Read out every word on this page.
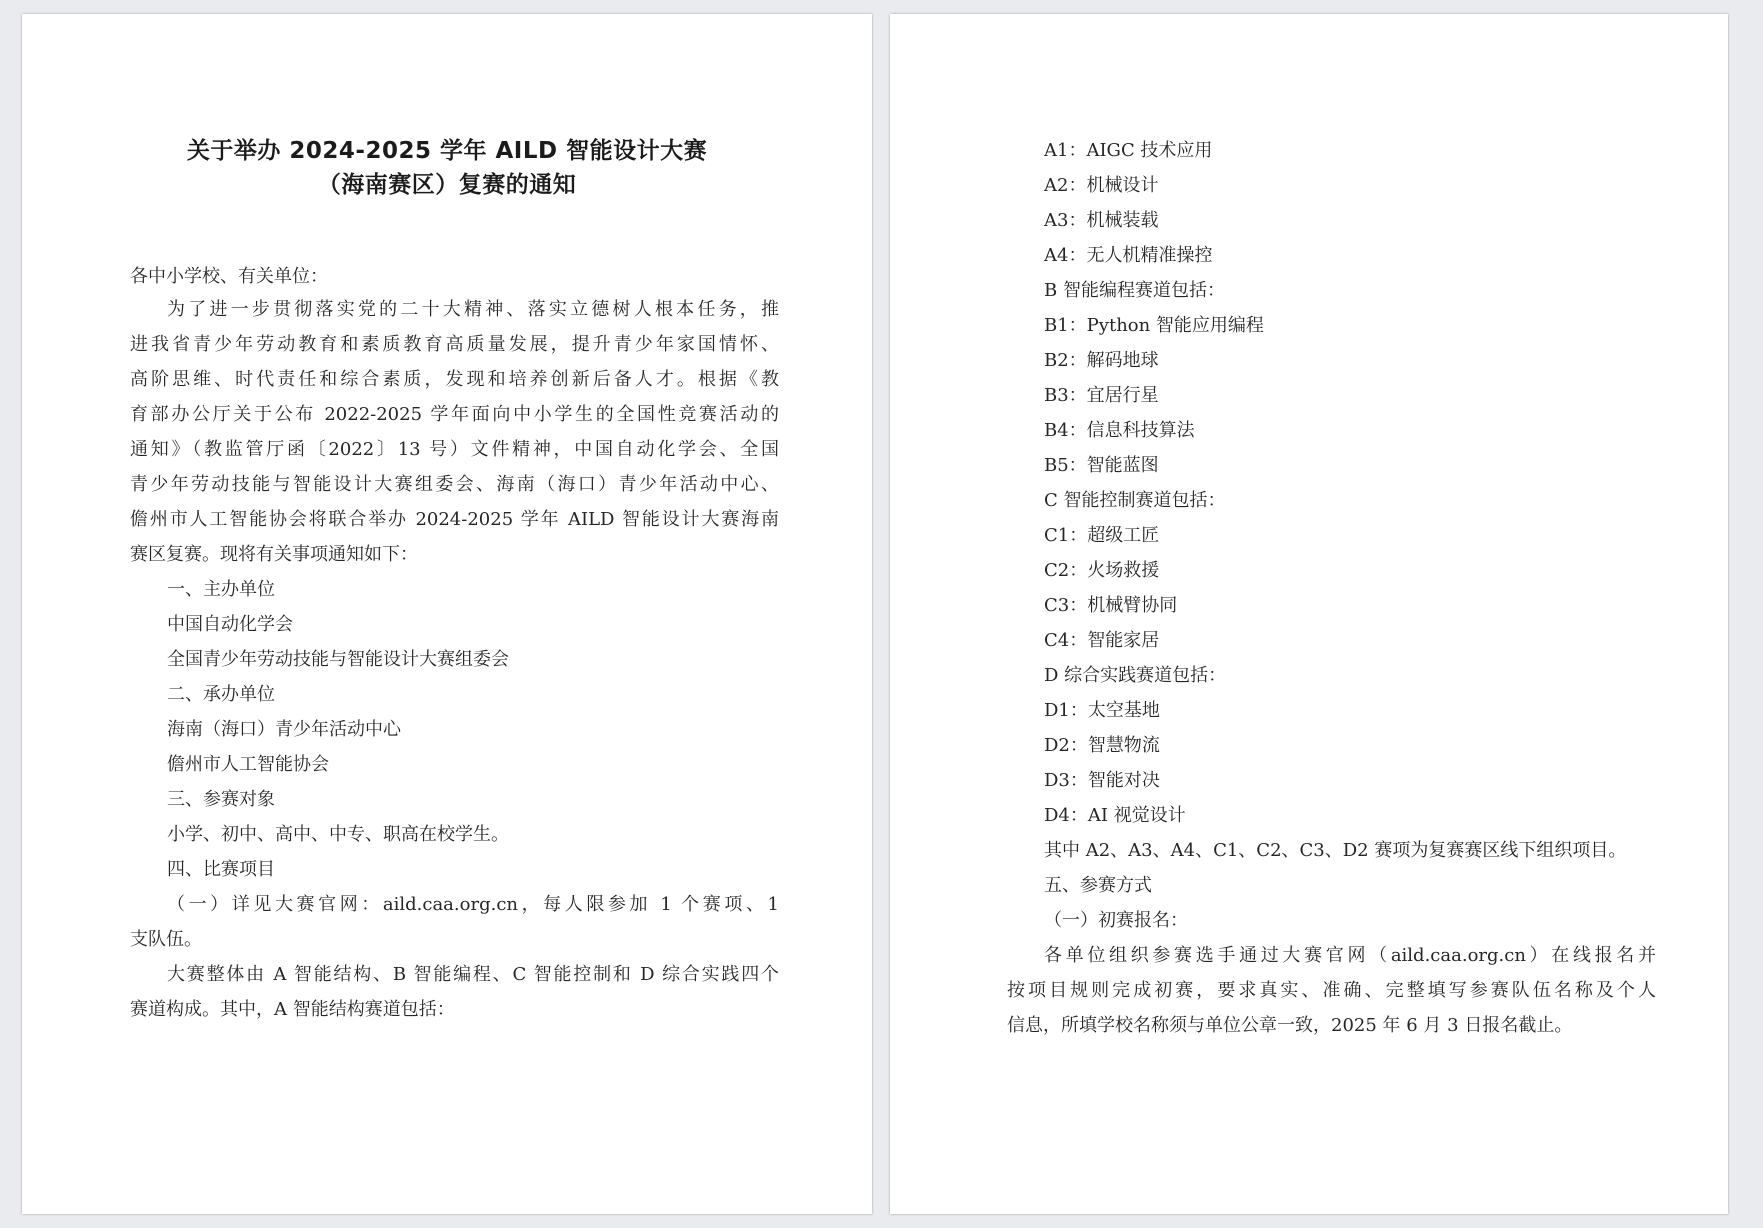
关于举办 2024-2025 学年 AILD 智能设计大赛
（海南赛区）复赛的通知
各中小学校、有关单位：
为了进一步贯彻落实党的二十大精神、落实立德树人根本任务，推
进我省青少年劳动教育和素质教育高质量发展，提升青少年家国情怀、
高阶思维、时代责任和综合素质，发现和培养创新后备人才。根据《教
育部办公厅关于公布 2022-2025 学年面向中小学生的全国性竞赛活动的
通知》（教监管厅函〔2022〕13 号）文件精神，中国自动化学会、全国
青少年劳动技能与智能设计大赛组委会、海南（海口）青少年活动中心、
儋州市人工智能协会将联合举办 2024-2025 学年 AILD 智能设计大赛海南
赛区复赛。现将有关事项通知如下：
一、主办单位
中国自动化学会
全国青少年劳动技能与智能设计大赛组委会
二、承办单位
海南（海口）青少年活动中心
儋州市人工智能协会
三、参赛对象
小学、初中、高中、中专、职高在校学生。
四、比赛项目
（一）详见大赛官网：aild.caa.org.cn，每人限参加 1 个赛项、1
支队伍。
大赛整体由 A 智能结构、B 智能编程、C 智能控制和 D 综合实践四个
赛道构成。其中，A 智能结构赛道包括：
A1：AIGC 技术应用
A2：机械设计
A3：机械装载
A4：无人机精准操控
B 智能编程赛道包括：
B1：Python 智能应用编程
B2：解码地球
B3：宜居行星
B4：信息科技算法
B5：智能蓝图
C 智能控制赛道包括：
C1：超级工匠
C2：火场救援
C3：机械臂协同
C4：智能家居
D 综合实践赛道包括：
D1：太空基地
D2：智慧物流
D3：智能对决
D4：AI 视觉设计
其中 A2、A3、A4、C1、C2、C3、D2 赛项为复赛赛区线下组织项目。
五、参赛方式
（一）初赛报名：
各单位组织参赛选手通过大赛官网（aild.caa.org.cn）在线报名并
按项目规则完成初赛，要求真实、准确、完整填写参赛队伍名称及个人
信息，所填学校名称须与单位公章一致，2025 年 6 月 3 日报名截止。
